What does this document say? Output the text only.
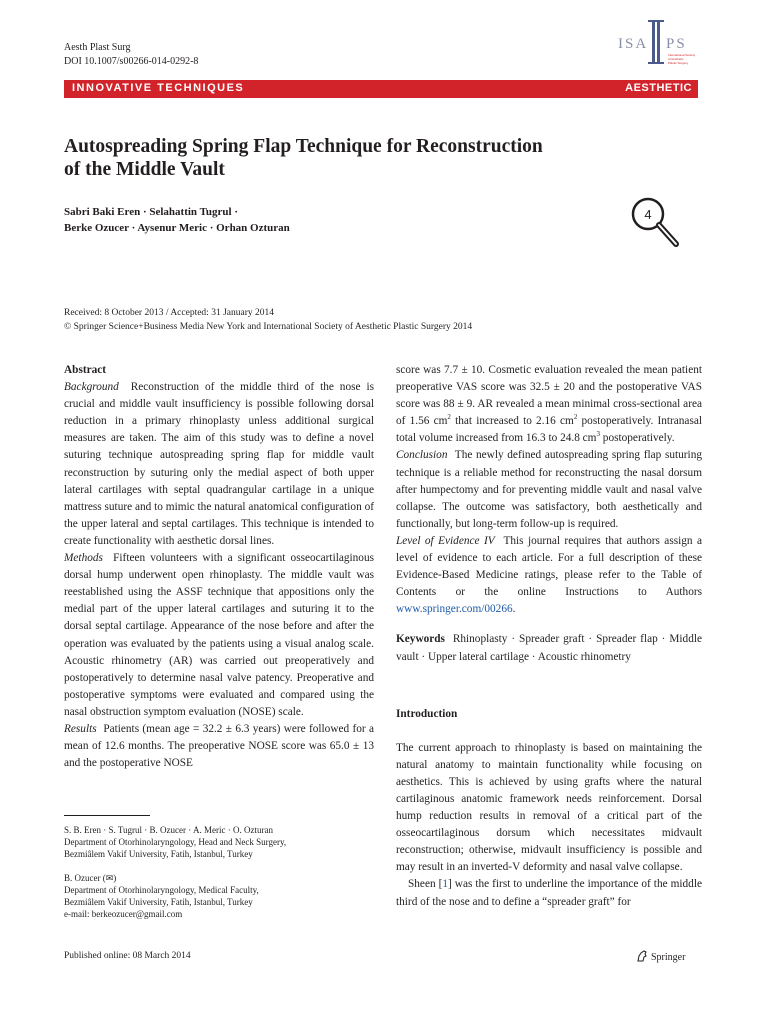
Aesth Plast Surg
DOI 10.1007/s00266-014-0292-8
ISA PS
International Society
of Aesthetic
Plastic Surgery
INNOVATIVE TECHNIQUES	AESTHETIC
Autospreading Spring Flap Technique for Reconstruction
of the Middle Vault
Sabri Baki Eren · Selahattin Tugrul ·
Berke Ozucer · Aysenur Meric · Orhan Ozturan
4
Received: 8 October 2013 / Accepted: 31 January 2014
© Springer Science+Business Media New York and International Society of Aesthetic Plastic Surgery 2014

Abstract

Background Reconstruction of the middle third of the nose is crucial and middle vault insufficiency is possible following dorsal reduction in a primary rhinoplasty unless additional surgical measures are taken. The aim of this study was to define a novel suturing technique autospreading spring flap for middle vault reconstruction by suturing only the medial aspect of both upper lateral cartilages with septal quadrangular cartilage in a unique mattress suture and to mimic the natural anatomical configuration of the upper lateral and septal cartilages. This technique is intended to create functionality with aesthetic dorsal lines.

Methods Fifteen volunteers with a significant osseocartilaginous dorsal hump underwent open rhinoplasty. The middle vault was reestablished using the ASSF technique that appositions only the medial part of the upper lateral cartilages and suturing it to the dorsal septal cartilage. Appearance of the nose before and after the operation was evaluated by the patients using a visual analog scale. Acoustic rhinometry (AR) was carried out preoperatively and postoperatively to determine nasal valve patency. Preoperative and postoperative symptoms were evaluated and compared using the nasal obstruction symptom evaluation (NOSE) scale.

Results Patients (mean age = 32.2 ± 6.3 years) were followed for a mean of 12.6 months. The preoperative NOSE score was 65.0 ± 13 and the postoperative NOSE

S. B. Eren · S. Tugrul · B. Ozucer · A. Meric · O. Ozturan
Department of Otorhinolaryngology, Head and Neck Surgery,
Bezmiâlem Vakif University, Fatih, Istanbul, Turkey

B. Ozucer (✉)
Department of Otorhinolaryngology, Medical Faculty,
Bezmiâlem Vakif University, Fatih, Istanbul, Turkey
e-mail: berkeozucer@gmail.com

score was 7.7 ± 10. Cosmetic evaluation revealed the mean patient preoperative VAS score was 32.5 ± 20 and the postoperative VAS score was 88 ± 9. AR revealed a mean minimal cross-sectional area of 1.56 $cm^2$ that increased to 2.16 $cm^2$ postoperatively. Intranasal total volume increased from 16.3 to 24.8 $cm^3$ postoperatively.

Conclusion The newly defined autospreading spring flap suturing technique is a reliable method for reconstructing the nasal dorsum after humpectomy and for preventing middle vault and nasal valve collapse. The outcome was satisfactory, both aesthetically and functionally, but long-term follow-up is required.

Level of Evidence IV This journal requires that authors assign a level of evidence to each article. For a full description of these Evidence-Based Medicine ratings, please refer to the Table of Contents or the online Instructions to Authors www.springer.com/00266.

Keywords Rhinoplasty · Spreader graft · Spreader flap · Middle vault · Upper lateral cartilage · Acoustic rhinometry

Introduction

The current approach to rhinoplasty is based on maintaining the natural anatomy to maintain functionality while focusing on aesthetics. This is achieved by using grafts where the natural cartilaginous anatomic framework needs reinforcement. Dorsal hump reduction results in removal of a critical part of the osseocartilaginous dorsum which necessitates midvault reconstruction; otherwise, midvault insufficiency is possible and may result in an inverted-V deformity and nasal valve collapse.

Sheen [1] was the first to underline the importance of the middle third of the nose and to define a “spreader graft” for

Published online: 08 March 2014	Springer
